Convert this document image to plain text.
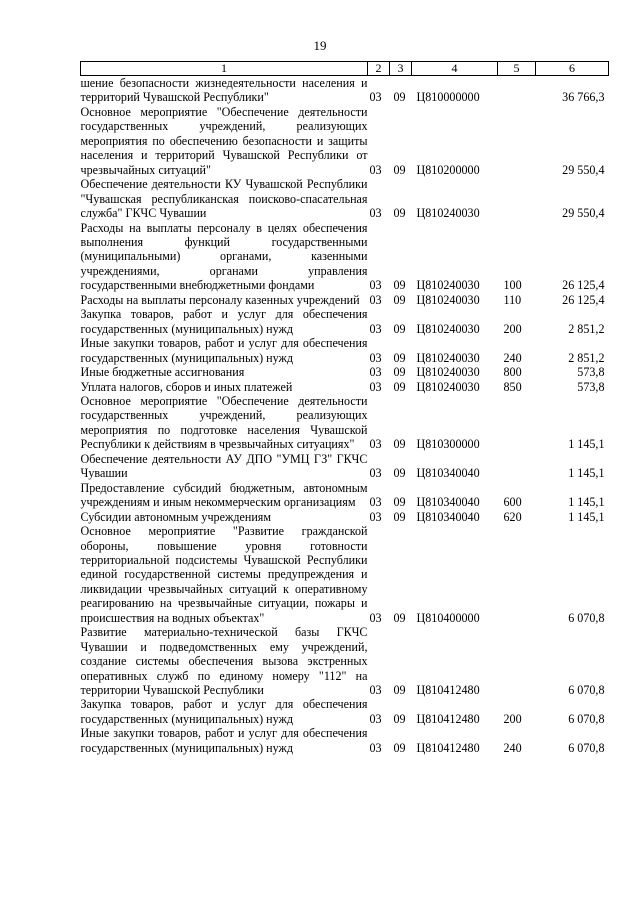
19
1	2	3	4	5	6
шение безопасности жизнедеятельности населения и территорий Чувашской Республики"	03	09	Ц810000000		36 766,3
Основное мероприятие "Обеспечение деятельности государственных учреждений, реализующих мероприятия по обеспечению безопасности и защиты населения и территорий Чувашской Республики от чрезвычайных ситуаций"	03	09	Ц810200000		29 550,4
Обеспечение деятельности КУ Чувашской Республики "Чувашская республиканская поисково-спасательная служба" ГКЧС Чувашии	03	09	Ц810240030		29 550,4
Расходы на выплаты персоналу в целях обеспечения выполнения функций государственными (муниципальными) органами, казенными учреждениями, органами управления государственными внебюджетными фондами	03	09	Ц810240030	100	26 125,4
Расходы на выплаты персоналу казенных учреждений	03	09	Ц810240030	110	26 125,4
Закупка товаров, работ и услуг для обеспечения государственных (муниципальных) нужд	03	09	Ц810240030	200	2 851,2
Иные закупки товаров, работ и услуг для обеспечения государственных (муниципальных) нужд	03	09	Ц810240030	240	2 851,2
Иные бюджетные ассигнования	03	09	Ц810240030	800	573,8
Уплата налогов, сборов и иных платежей	03	09	Ц810240030	850	573,8
Основное мероприятие "Обеспечение деятельности государственных учреждений, реализующих мероприятия по подготовке населения Чувашской Республики к действиям в чрезвычайных ситуациях"	03	09	Ц810300000		1 145,1
Обеспечение деятельности АУ ДПО "УМЦ ГЗ" ГКЧС Чувашии	03	09	Ц810340040		1 145,1
Предоставление субсидий бюджетным, автономным учреждениям и иным некоммерческим организациям	03	09	Ц810340040	600	1 145,1
Субсидии автономным учреждениям	03	09	Ц810340040	620	1 145,1
Основное мероприятие "Развитие гражданской обороны, повышение уровня готовности территориальной подсистемы Чувашской Республики единой государственной системы предупреждения и ликвидации чрезвычайных ситуаций к оперативному реагированию на чрезвычайные ситуации, пожары и происшествия на водных объектах"	03	09	Ц810400000		6 070,8
Развитие материально-технической базы ГКЧС Чувашии и подведомственных ему учреждений, создание системы обеспечения вызова экстренных оперативных служб по единому номеру "112" на территории Чувашской Республики	03	09	Ц810412480		6 070,8
Закупка товаров, работ и услуг для обеспечения государственных (муниципальных) нужд	03	09	Ц810412480	200	6 070,8
Иные закупки товаров, работ и услуг для обеспечения государственных (муниципальных) нужд	03	09	Ц810412480	240	6 070,8
